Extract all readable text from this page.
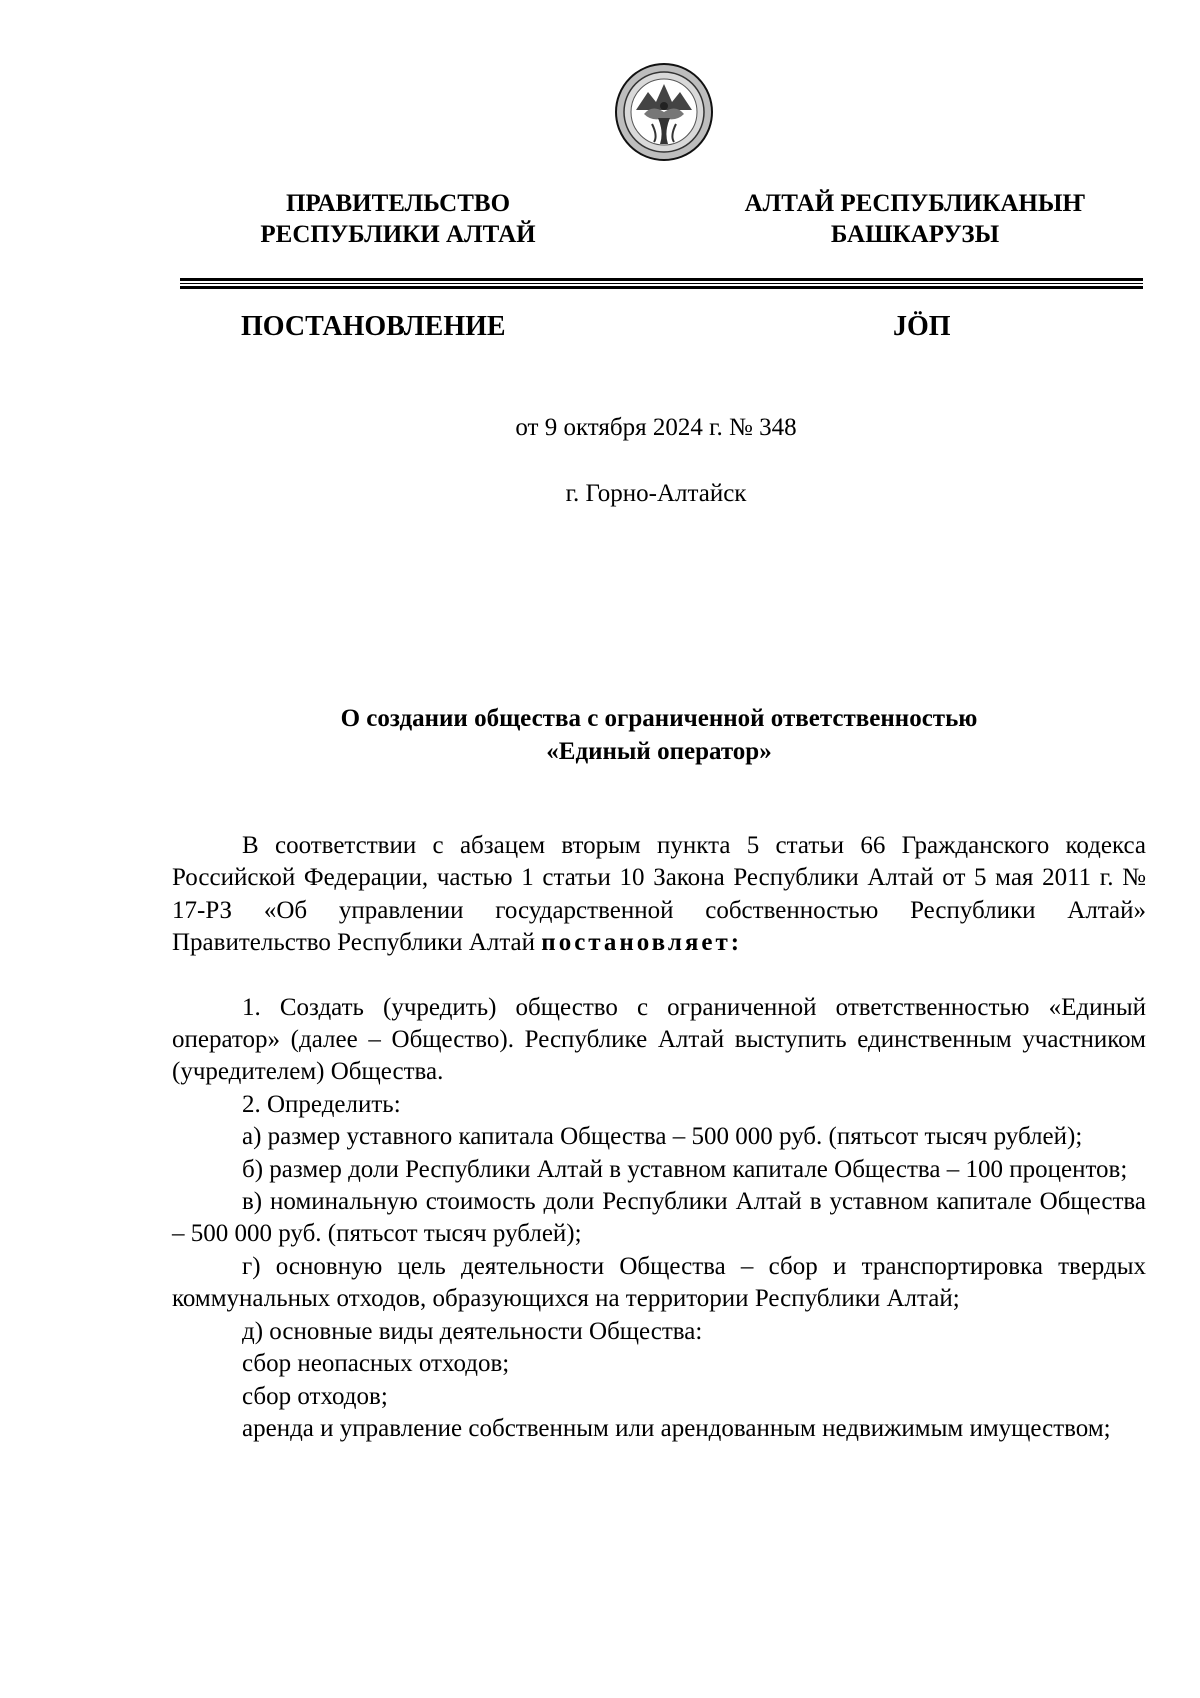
ПРАВИТЕЛЬСТВО
РЕСПУБЛИКИ АЛТАЙ
АЛТАЙ РЕСПУБЛИКАНЫҤ
БАШКАРУЗЫ
ПОСТАНОВЛЕНИЕ	JӦП
от 9 октября 2024 г. № 348
г. Горно-Алтайск
О создании общества с ограниченной ответственностью
«Единый оператор»

В соответствии с абзацем вторым пункта 5 статьи 66 Гражданского кодекса Российской Федерации, частью 1 статьи 10 Закона Республики Алтай от 5 мая 2011 г. № 17-РЗ «Об управлении государственной собственностью Республики Алтай» Правительство Республики Алтай постановляет:

1. Создать (учредить) общество с ограниченной ответственностью «Единый оператор» (далее – Общество). Республике Алтай выступить единственным участником (учредителем) Общества.

2. Определить:

а) размер уставного капитала Общества – 500 000 руб. (пятьсот тысяч рублей);

б) размер доли Республики Алтай в уставном капитале Общества – 100 процентов;

в) номинальную стоимость доли Республики Алтай в уставном капитале Общества – 500 000 руб. (пятьсот тысяч рублей);

г) основную цель деятельности Общества – сбор и транспортировка твердых коммунальных отходов, образующихся на территории Республики Алтай;

д) основные виды деятельности Общества:

сбор неопасных отходов;

сбор отходов;

аренда и управление собственным или арендованным недвижимым имуществом;
